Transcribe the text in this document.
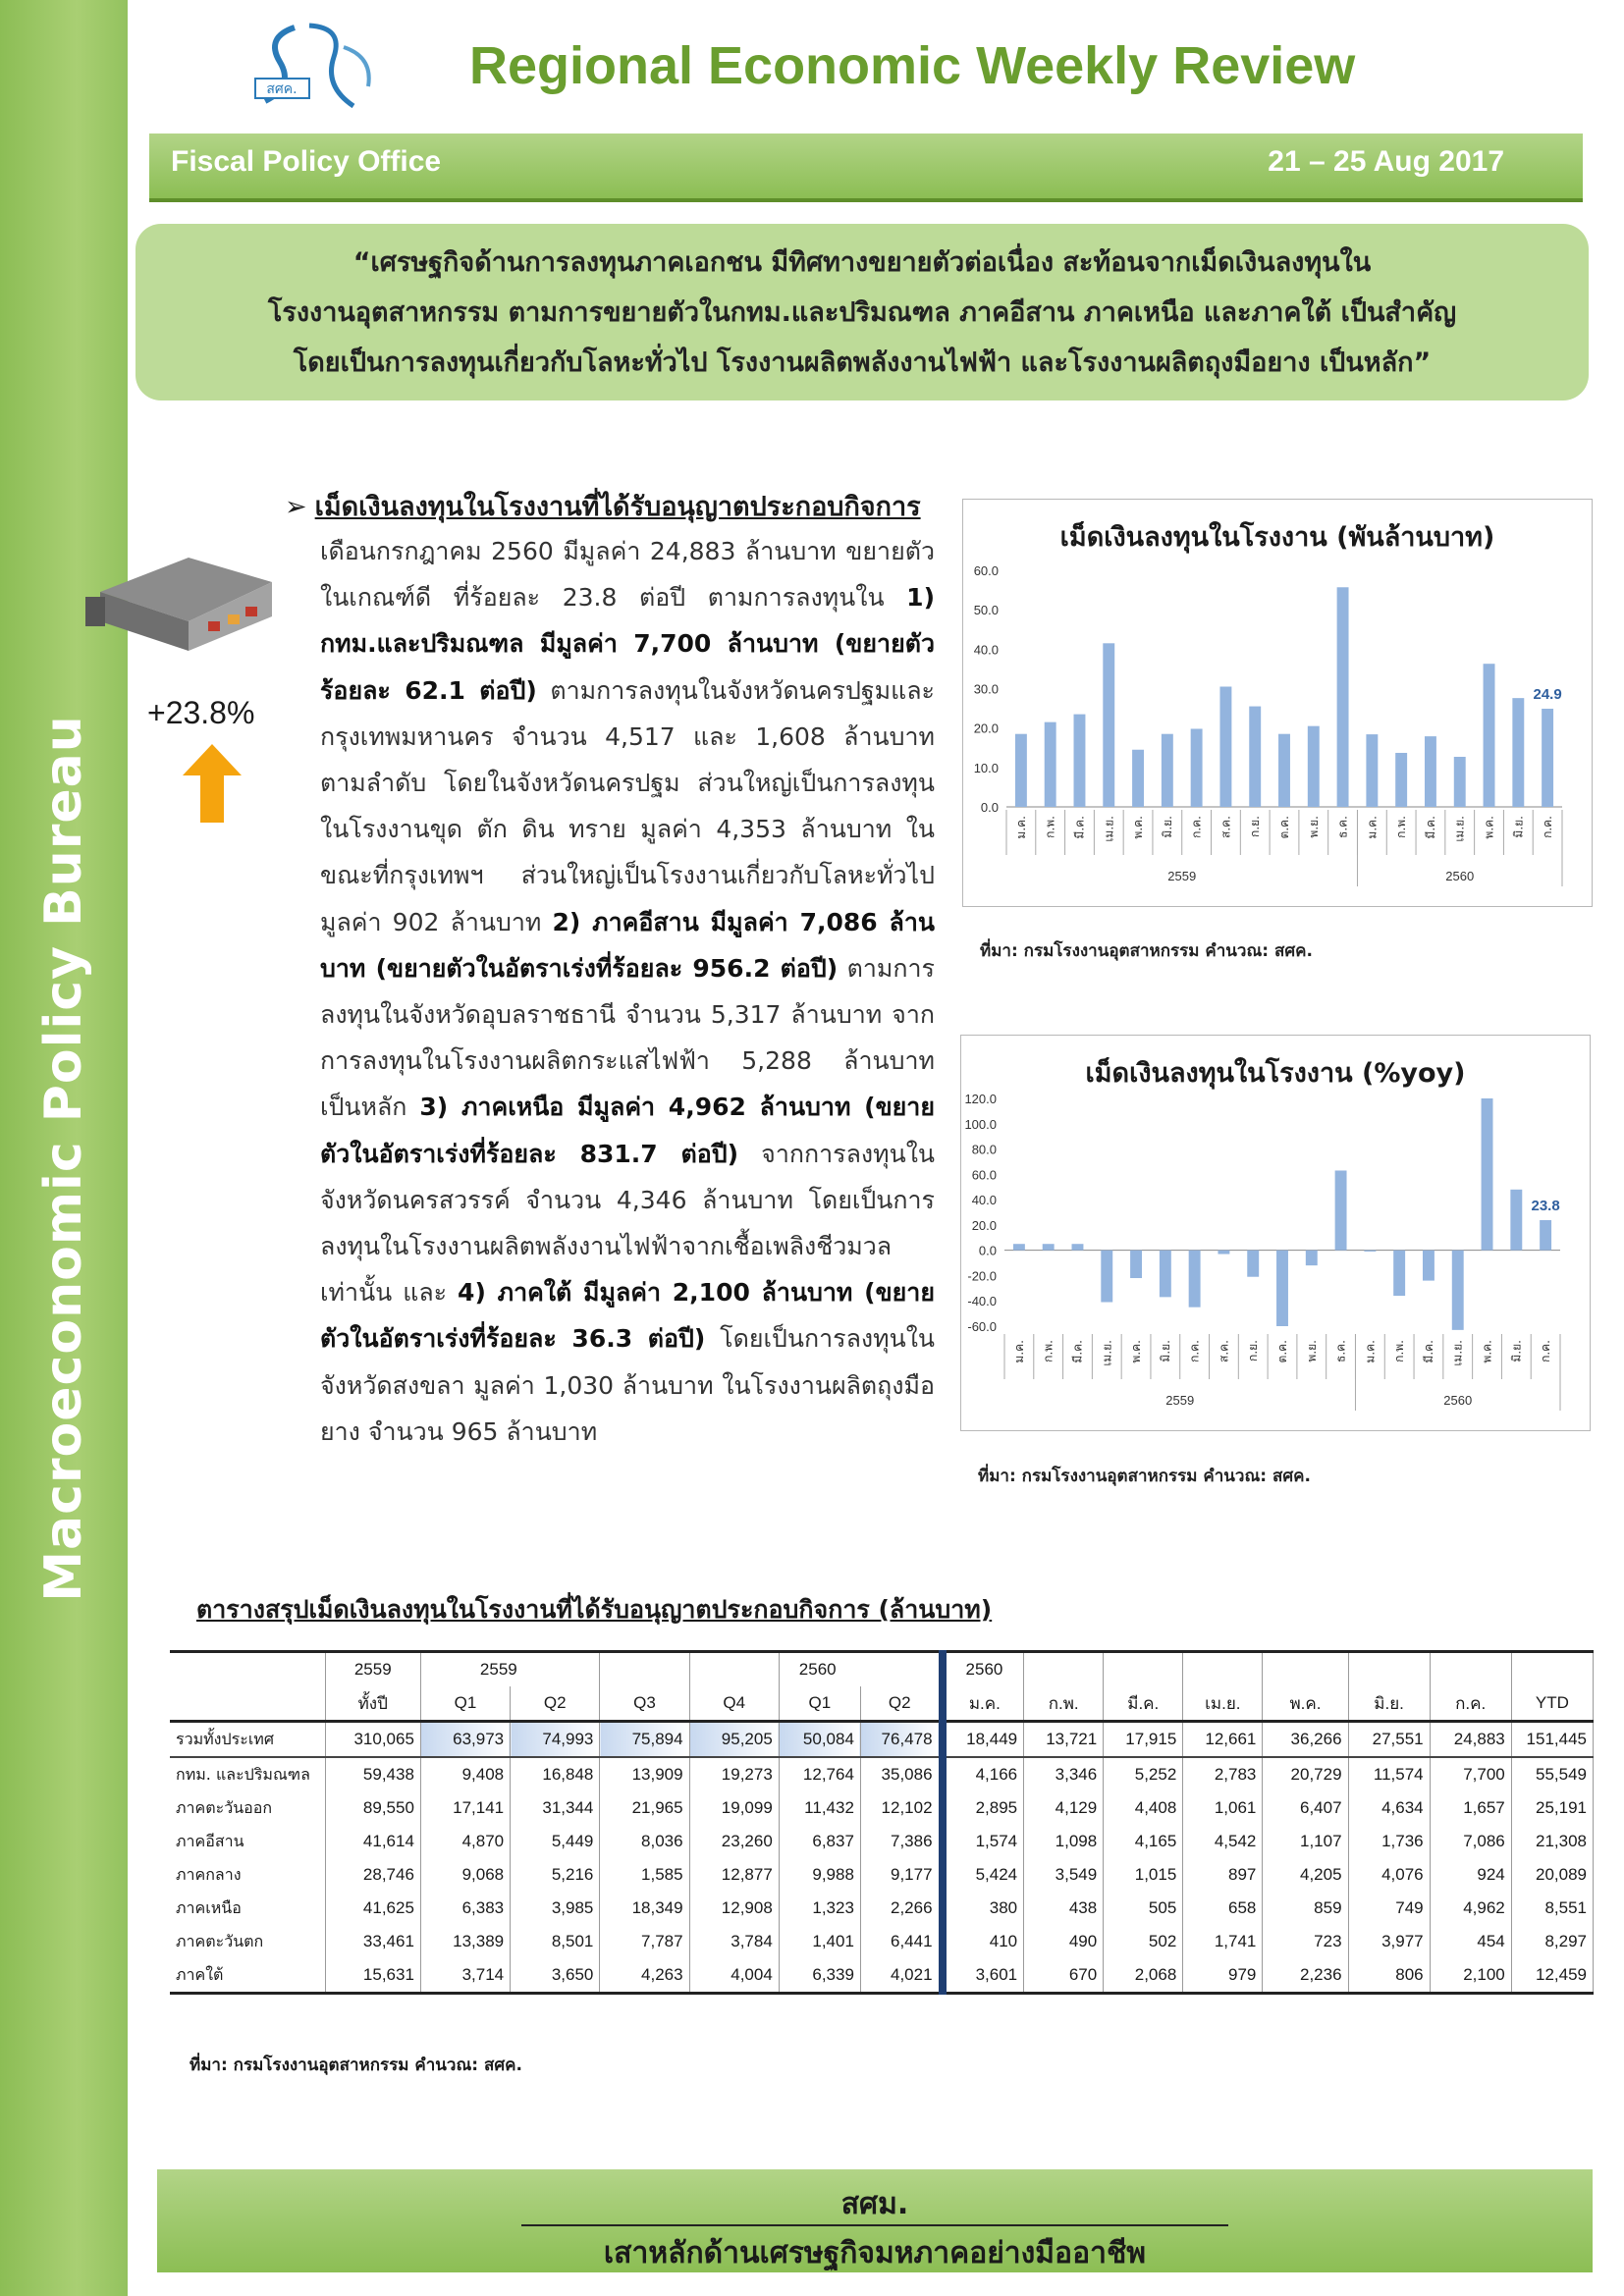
Macroeconomic Policy Bureau
สศค.	Regional Economic Weekly Review
Fiscal Policy Office	21 – 25 Aug 2017
“เศรษฐกิจด้านการลงทุนภาคเอกชน มีทิศทางขยายตัวต่อเนื่อง สะท้อนจากเม็ดเงินลงทุนใน
โรงงานอุตสาหกรรม ตามการขยายตัวในกทม.และปริมณฑล ภาคอีสาน ภาคเหนือ และภาคใต้ เป็นสำคัญ
โดยเป็นการลงทุนเกี่ยวกับโลหะทั่วไป โรงงานผลิตพลังงานไฟฟ้า และโรงงานผลิตถุงมือยาง เป็นหลัก”
+23.8%
➢ เม็ดเงินลงทุนในโรงงานที่ได้รับอนุญาตประกอบกิจการ
เดือนกรกฎาคม 2560 มีมูลค่า 24,883 ล้านบาท ขยายตัวในเกณฑ์ดี ที่ร้อยละ 23.8 ต่อปี ตามการลงทุนใน 1) กทม.และปริมณฑล มีมูลค่า 7,700 ล้านบาท (ขยายตัวร้อยละ 62.1 ต่อปี) ตามการลงทุนในจังหวัดนครปฐมและกรุงเทพมหานคร จำนวน 4,517 และ 1,608 ล้านบาท ตามลำดับ โดยในจังหวัดนครปฐม ส่วนใหญ่เป็นการลงทุนในโรงงานขุด ตัก ดิน ทราย มูลค่า 4,353 ล้านบาท ในขณะที่กรุงเทพฯ ส่วนใหญ่เป็นโรงงานเกี่ยวกับโลหะทั่วไป มูลค่า 902 ล้านบาท 2) ภาคอีสาน มีมูลค่า 7,086 ล้านบาท (ขยายตัวในอัตราเร่งที่ร้อยละ 956.2 ต่อปี) ตามการลงทุนในจังหวัดอุบลราชธานี จำนวน 5,317 ล้านบาท จากการลงทุนในโรงงานผลิตกระแสไฟฟ้า 5,288 ล้านบาท เป็นหลัก 3) ภาคเหนือ มีมูลค่า 4,962 ล้านบาท (ขยายตัวในอัตราเร่งที่ร้อยละ 831.7 ต่อปี) จากการลงทุนในจังหวัดนครสวรรค์ จำนวน 4,346 ล้านบาท โดยเป็นการลงทุนในโรงงานผลิตพลังงานไฟฟ้าจากเชื้อเพลิงชีวมวลเท่านั้น และ 4) ภาคใต้ มีมูลค่า 2,100 ล้านบาท (ขยายตัวในอัตราเร่งที่ร้อยละ 36.3 ต่อปี) โดยเป็นการลงทุนในจังหวัดสงขลา มูลค่า 1,030 ล้านบาท ในโรงงานผลิตถุงมือยาง จำนวน 965 ล้านบาท
เม็ดเงินลงทุนในโรงงาน (พันล้านบาท)
0.0
10.0
20.0
30.0
40.0
50.0
60.0
ม.ค. ก.พ. มี.ค. เม.ย. พ.ค. มิ.ย. ก.ค. ส.ค. ก.ย. ต.ค. พ.ย. ธ.ค. ม.ค. ก.พ. มี.ค. เม.ย. พ.ค. มิ.ย. ก.ค.
2559	2560
24.9
ที่มา: กรมโรงงานอุตสาหกรรม คำนวณ: สศค.
เม็ดเงินลงทุนในโรงงาน (%yoy)
-60.0
-40.0
-20.0
0.0
20.0
40.0
60.0
80.0
100.0
120.0
ม.ค. ก.พ. มี.ค. เม.ย. พ.ค. มิ.ย. ก.ค. ส.ค. ก.ย. ต.ค. พ.ย. ธ.ค. ม.ค. ก.พ. มี.ค. เม.ย. พ.ค. มิ.ย. ก.ค.
2559	2560
23.8
ที่มา: กรมโรงงานอุตสาหกรรม คำนวณ: สศค.
ตารางสรุปเม็ดเงินลงทุนในโรงงานที่ได้รับอนุญาตประกอบกิจการ (ล้านบาท)
	2559	2559				2560		2560							
	ทั้งปี	Q1	Q2	Q3	Q4	Q1	Q2	ม.ค.	ก.พ.	มี.ค.	เม.ย.	พ.ค.	มิ.ย.	ก.ค.	YTD
รวมทั้งประเทศ	310,065	63,973	74,993	75,894	95,205	50,084	76,478	18,449	13,721	17,915	12,661	36,266	27,551	24,883	151,445
กทม. และปริมณฑล	59,438	9,408	16,848	13,909	19,273	12,764	35,086	4,166	3,346	5,252	2,783	20,729	11,574	7,700	55,549
ภาคตะวันออก	89,550	17,141	31,344	21,965	19,099	11,432	12,102	2,895	4,129	4,408	1,061	6,407	4,634	1,657	25,191
ภาคอีสาน	41,614	4,870	5,449	8,036	23,260	6,837	7,386	1,574	1,098	4,165	4,542	1,107	1,736	7,086	21,308
ภาคกลาง	28,746	9,068	5,216	1,585	12,877	9,988	9,177	5,424	3,549	1,015	897	4,205	4,076	924	20,089
ภาคเหนือ	41,625	6,383	3,985	18,349	12,908	1,323	2,266	380	438	505	658	859	749	4,962	8,551
ภาคตะวันตก	33,461	13,389	8,501	7,787	3,784	1,401	6,441	410	490	502	1,741	723	3,977	454	8,297
ภาคใต้	15,631	3,714	3,650	4,263	4,004	6,339	4,021	3,601	670	2,068	979	2,236	806	2,100	12,459
ที่มา: กรมโรงงานอุตสาหกรรม คำนวณ: สศค.
สศม.
เสาหลักด้านเศรษฐกิจมหภาคอย่างมืออาชีพ
